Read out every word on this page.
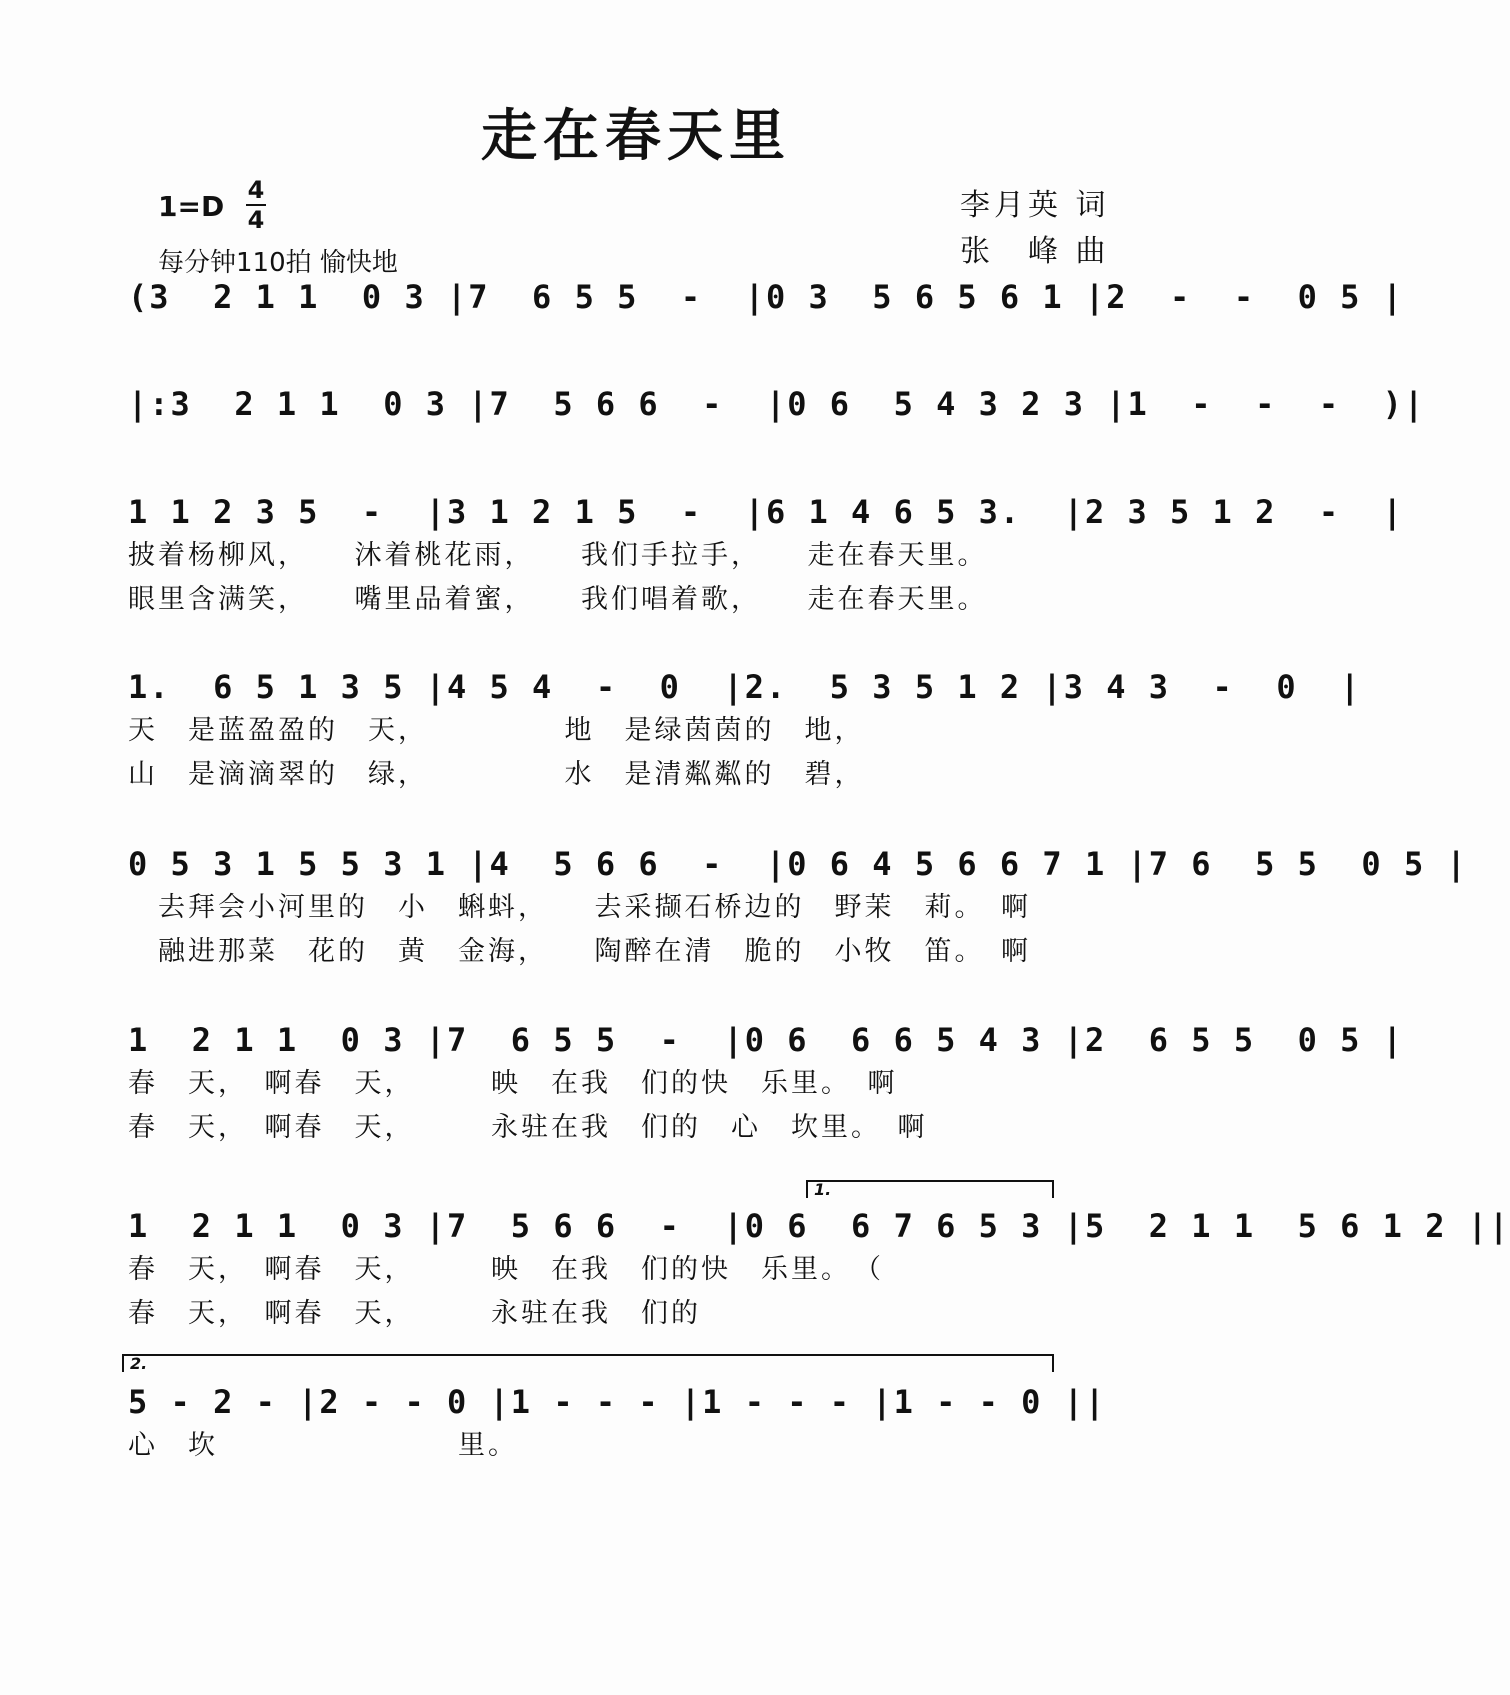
走在春天里
1=D 4
4
每分钟110拍 愉快地
李月英 词
张　峰 曲
(3  2 1 1  0 3 |7  6 5 5  -  |0 3  5 6 5 6 1 |2  -  -  0 5 |
|:3  2 1 1  0 3 |7  5 6 6  -  |0 6  5 4 3 2 3 |1  -  -  -  )|
1 1 2 3 5  -  |3 1 2 1 5  -  |6 1 4 6 5 3.  |2 3 5 1 2  -  |
披着杨柳风，　　沐着桃花雨，　　我们手拉手，　　走在春天里。
眼里含满笑，　　嘴里品着蜜，　　我们唱着歌，　　走在春天里。
1.  6 5 1 3 5 |4 5 4  -  0  |2.  5 3 5 1 2 |3 4 3  -  0  |
天　是蓝盈盈的　天，　　　　　地　是绿茵茵的　地，
山　是滴滴翠的　绿，　　　　　水　是清粼粼的　碧，
0 5 3 1 5 5 3 1 |4  5 6 6  -  |0 6 4 5 6 6 7 1 |7 6  5 5  0 5 |
　去拜会小河里的　小　蝌蚪，　　去采撷石桥边的　野茉　莉。　啊
　融进那菜　花的　黄　金海，　　陶醉在清　脆的　小牧　笛。　啊
1  2 1 1  0 3 |7  6 5 5  -  |0 6  6 6 5 4 3 |2  6 5 5  0 5 |
春　天，　啊春　天，　　　映　在我　们的快　乐里。　啊
春　天，　啊春　天，　　　永驻在我　们的　心　坎里。　啊
1.
1  2 1 1  0 3 |7  5 6 6  -  |0 6  6 7 6 5 3 |5  2 1 1  5 6 1 2 ||
春　天，　啊春　天，　　　映　在我　们的快　乐里。　（
春　天，　啊春　天，　　　永驻在我　们的
2.
5 - 2 - |2 - - 0 |1 - - - |1 - - - |1 - - 0 ||
心　坎　　　　　　　　里。
